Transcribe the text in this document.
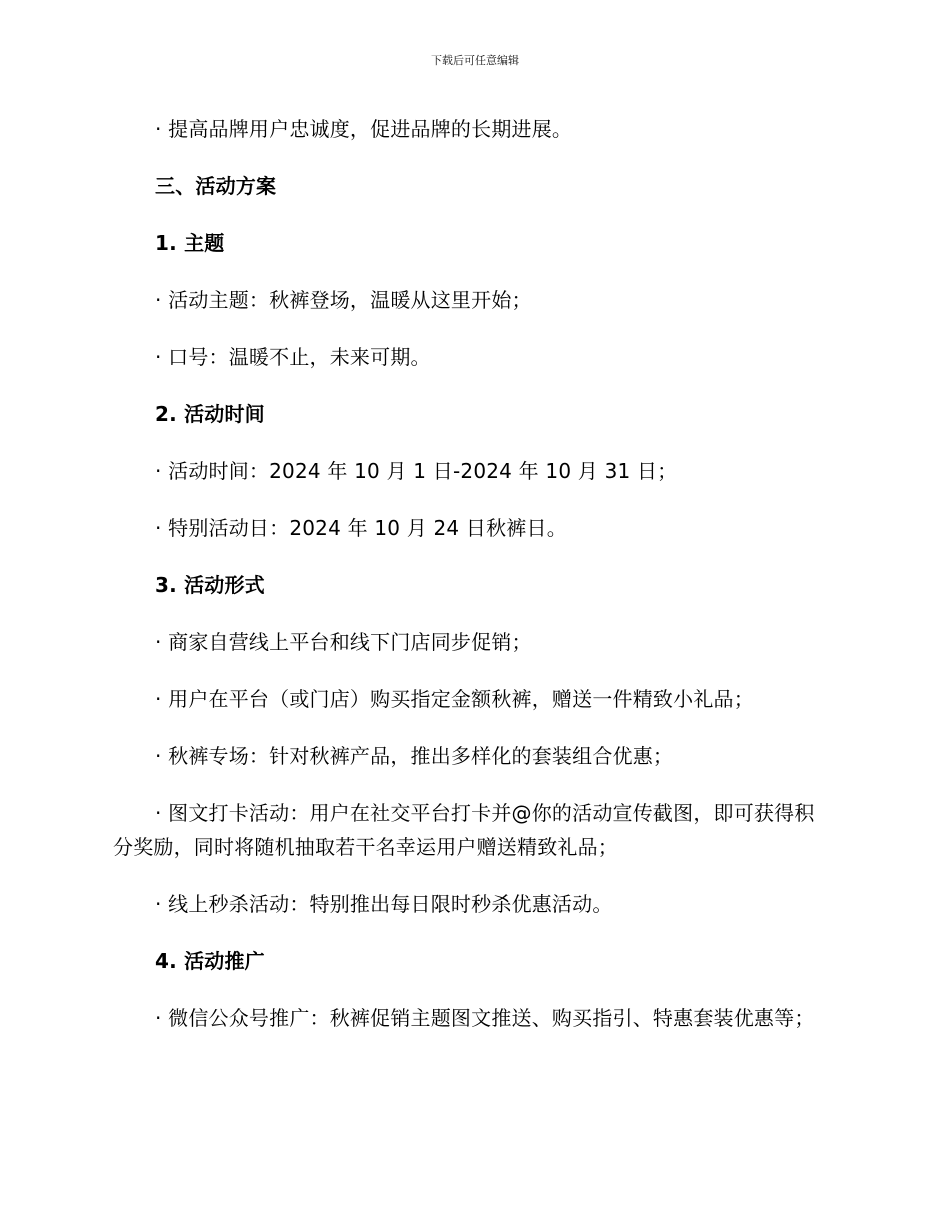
下载后可任意编辑

· 提高品牌用户忠诚度，促进品牌的长期进展。

三、活动方案

1. 主题

· 活动主题：秋裤登场，温暖从这里开始；

· 口号：温暖不止，未来可期。

2. 活动时间

· 活动时间：2024 年 10 月 1 日-2024 年 10 月 31 日；

· 特别活动日：2024 年 10 月 24 日秋裤日。

3. 活动形式

· 商家自营线上平台和线下门店同步促销；

· 用户在平台（或门店）购买指定金额秋裤，赠送一件精致小礼品；

· 秋裤专场：针对秋裤产品，推出多样化的套装组合优惠；

· 图文打卡活动：用户在社交平台打卡并@你的活动宣传截图，即可获得积分奖励，同时将随机抽取若干名幸运用户赠送精致礼品；

· 线上秒杀活动：特别推出每日限时秒杀优惠活动。

4. 活动推广

· 微信公众号推广：秋裤促销主题图文推送、购买指引、特惠套装优惠等；
